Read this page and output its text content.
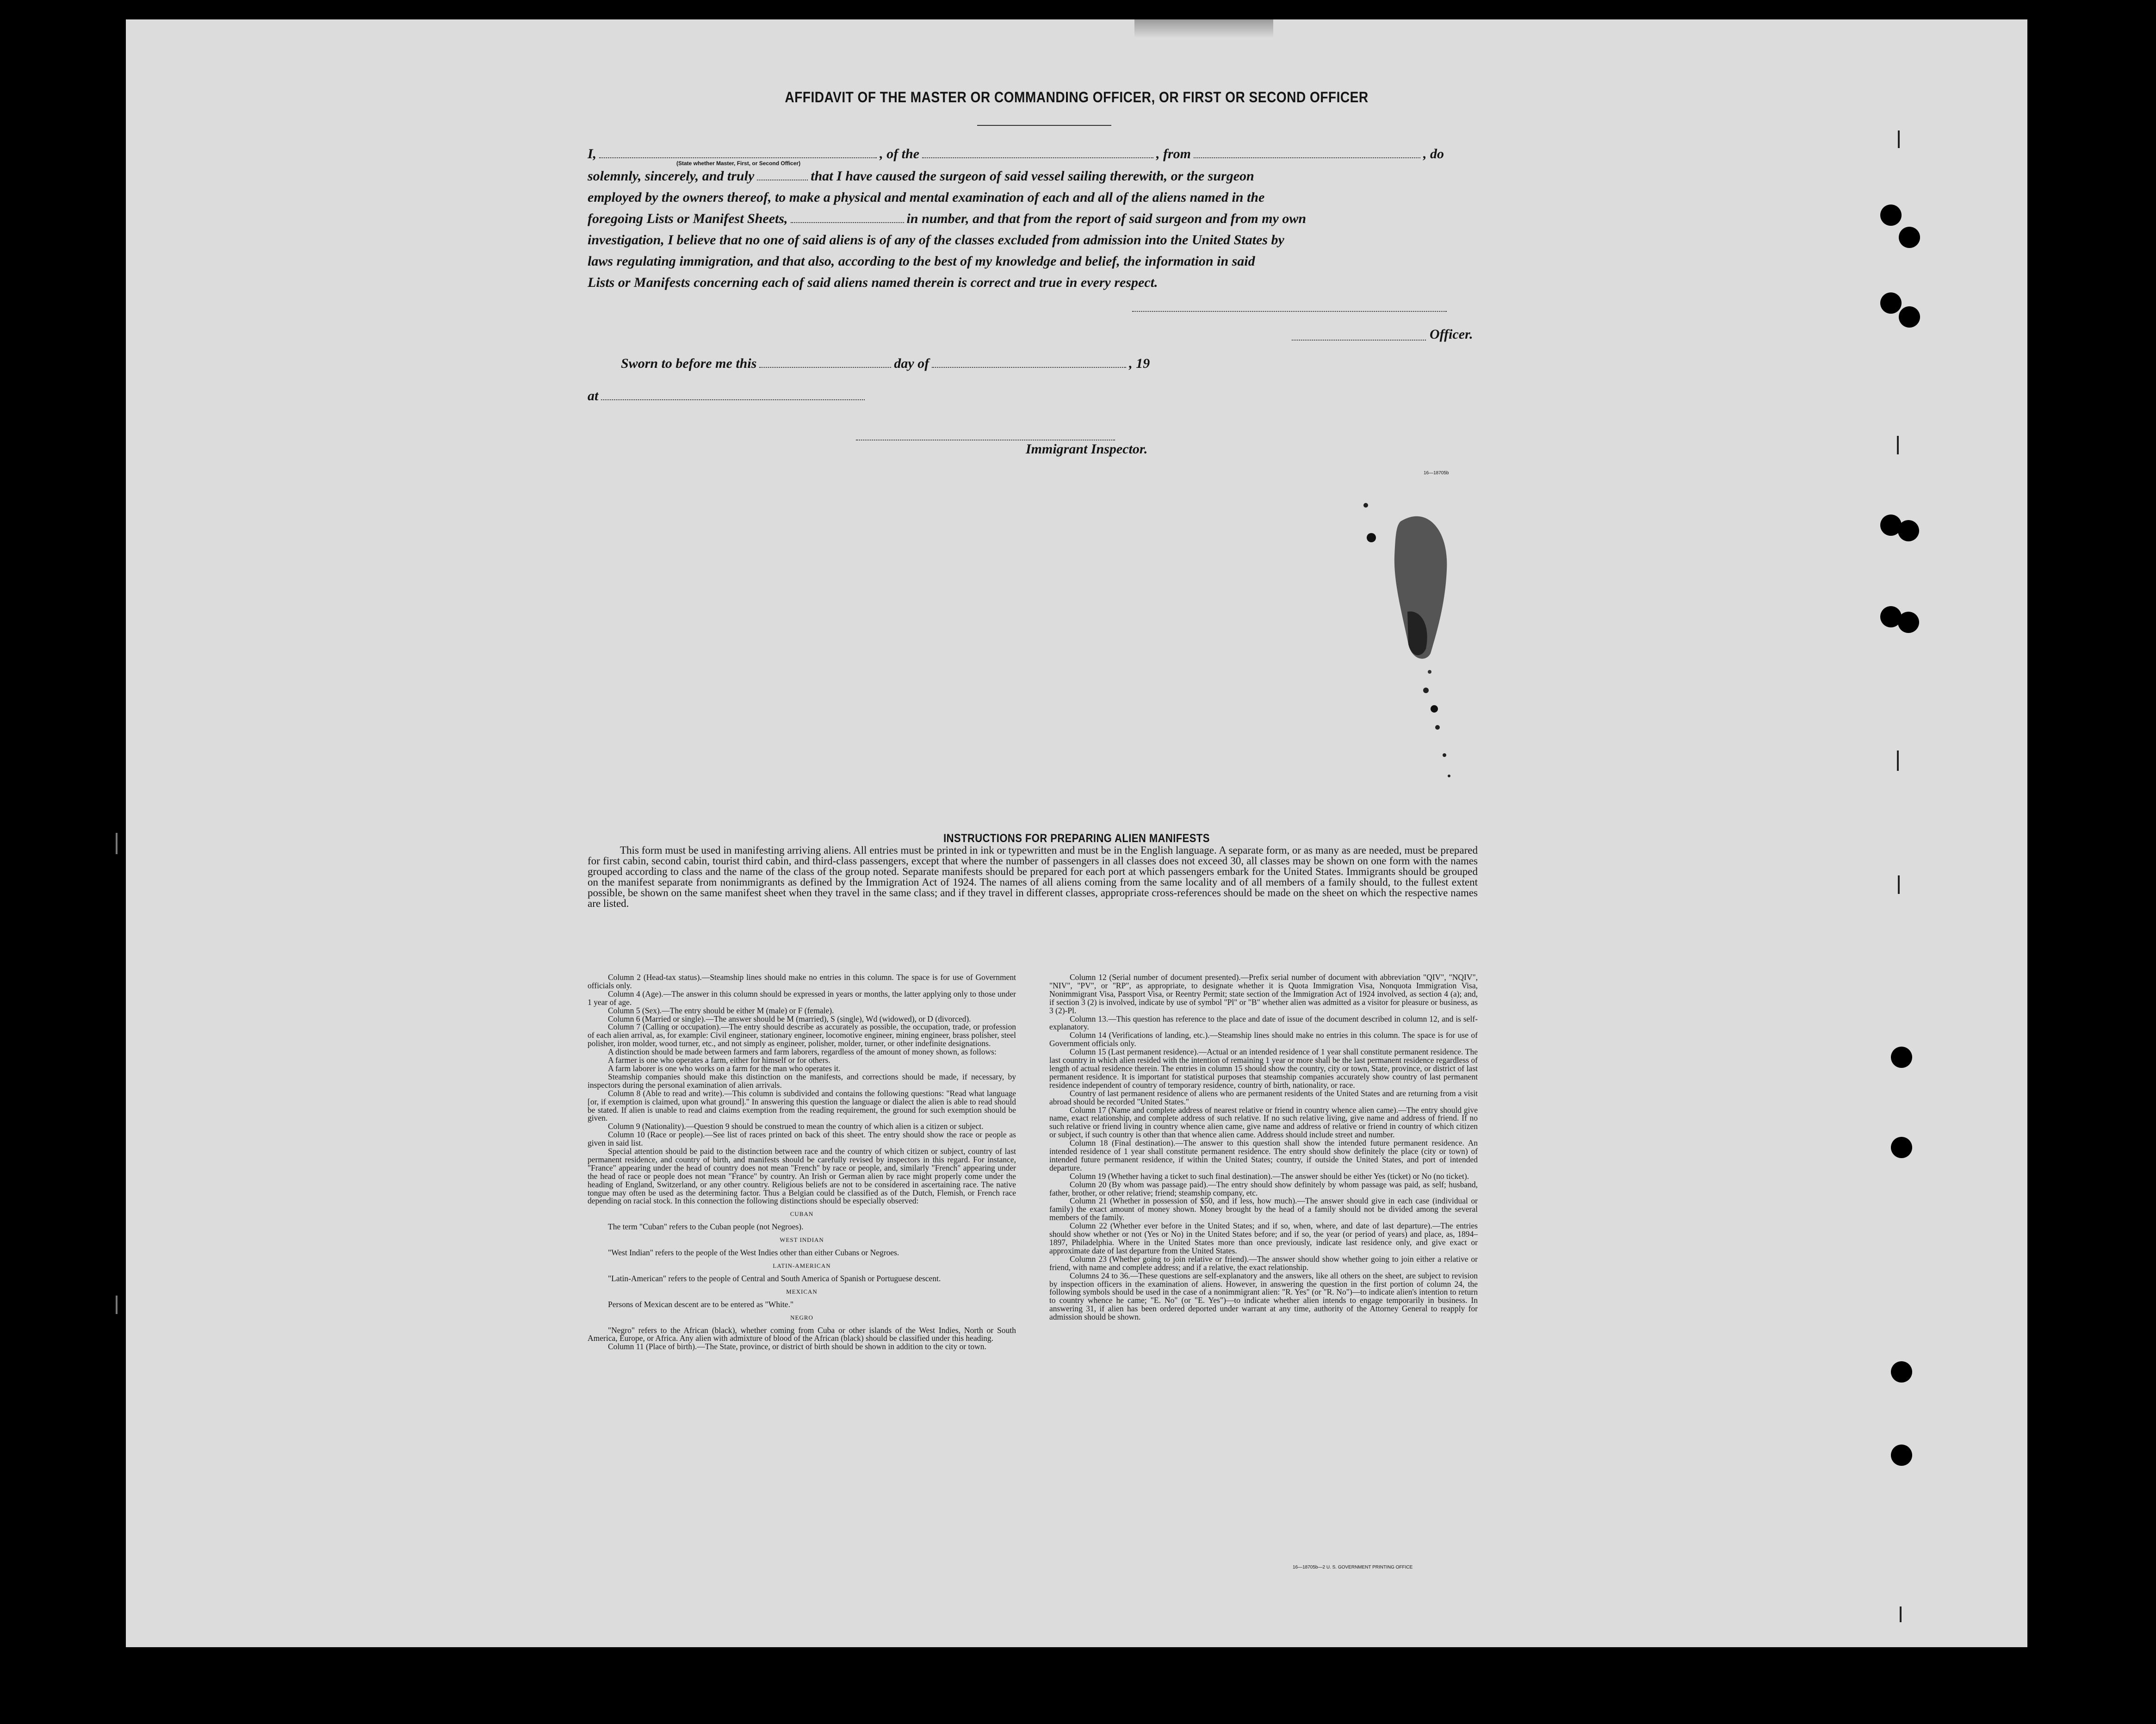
AFFIDAVIT OF THE MASTER OR COMMANDING OFFICER, OR FIRST OR SECOND OFFICER
I,	, of the	, from	, do
(State whether Master, First, or Second Officer)
solemnly, sincerely, and truly	that I have caused the surgeon of said vessel sailing therewith, or the surgeon
employed by the owners thereof, to make a physical and mental examination of each and all of the aliens named in the
foregoing Lists or Manifest Sheets,	in number, and that from the report of said surgeon and from my own
investigation, I believe that no one of said aliens is of any of the classes excluded from admission into the United States by
laws regulating immigration, and that also, according to the best of my knowledge and belief, the information in said
Lists or Manifests concerning each of said aliens named therein is correct and true in every respect.
Officer.
Sworn to before me this	day of	, 19
at
Immigrant Inspector.
16—18705b
INSTRUCTIONS FOR PREPARING ALIEN MANIFESTS
This form must be used in manifesting arriving aliens. All entries must be printed in ink or typewritten and must be in the English language. A separate form, or as many as are needed, must be prepared for first cabin, second cabin, tourist third cabin, and third-class passengers, except that where the number of passengers in all classes does not exceed 30, all classes may be shown on one form with the names grouped according to class and the name of the class of the group noted. Separate manifests should be prepared for each port at which passengers embark for the United States. Immigrants should be grouped on the manifest separate from nonimmigrants as defined by the Immigration Act of 1924. The names of all aliens coming from the same locality and of all members of a family should, to the fullest extent possible, be shown on the same manifest sheet when they travel in the same class; and if they travel in different classes, appropriate cross-references should be made on the sheet on which the respective names are listed.

Column 2 (Head-tax status).—Steamship lines should make no entries in this column. The space is for use of Government officials only.

Column 4 (Age).—The answer in this column should be expressed in years or months, the latter applying only to those under 1 year of age.

Column 5 (Sex).—The entry should be either M (male) or F (female).

Column 6 (Married or single).—The answer should be M (married), S (single), Wd (widowed), or D (divorced).

Column 7 (Calling or occupation).—The entry should describe as accurately as possible, the occupation, trade, or profession of each alien arrival, as, for example: Civil engineer, stationary engineer, locomotive engineer, mining engineer, brass polisher, steel polisher, iron molder, wood turner, etc., and not simply as engineer, polisher, molder, turner, or other indefinite designations.

A distinction should be made between farmers and farm laborers, regardless of the amount of money shown, as follows:

A farmer is one who operates a farm, either for himself or for others.

A farm laborer is one who works on a farm for the man who operates it.

Steamship companies should make this distinction on the manifests, and corrections should be made, if necessary, by inspectors during the personal examination of alien arrivals.

Column 8 (Able to read and write).—This column is subdivided and contains the following questions: "Read what language [or, if exemption is claimed, upon what ground]." In answering this question the language or dialect the alien is able to read should be stated. If alien is unable to read and claims exemption from the reading requirement, the ground for such exemption should be given.

Column 9 (Nationality).—Question 9 should be construed to mean the country of which alien is a citizen or subject.

Column 10 (Race or people).—See list of races printed on back of this sheet. The entry should show the race or people as given in said list.

Special attention should be paid to the distinction between race and the country of which citizen or subject, country of last permanent residence, and country of birth, and manifests should be carefully revised by inspectors in this regard. For instance, "France" appearing under the head of country does not mean "French" by race or people, and, similarly "French" appearing under the head of race or people does not mean "France" by country. An Irish or German alien by race might properly come under the heading of England, Switzerland, or any other country. Religious beliefs are not to be considered in ascertaining race. The native tongue may often be used as the determining factor. Thus a Belgian could be classified as of the Dutch, Flemish, or French race depending on racial stock. In this connection the following distinctions should be especially observed:

CUBAN

The term "Cuban" refers to the Cuban people (not Negroes).

WEST INDIAN

"West Indian" refers to the people of the West Indies other than either Cubans or Negroes.

LATIN-AMERICAN

"Latin-American" refers to the people of Central and South America of Spanish or Portuguese descent.

MEXICAN

Persons of Mexican descent are to be entered as "White."

NEGRO

"Negro" refers to the African (black), whether coming from Cuba or other islands of the West Indies, North or South America, Europe, or Africa. Any alien with admixture of blood of the African (black) should be classified under this heading.

Column 11 (Place of birth).—The State, province, or district of birth should be shown in addition to the city or town.

Column 12 (Serial number of document presented).—Prefix serial number of document with abbreviation "QIV", "NQIV", "NIV", "PV", or "RP", as appropriate, to designate whether it is Quota Immigration Visa, Nonquota Immigration Visa, Nonimmigrant Visa, Passport Visa, or Reentry Permit; state section of the Immigration Act of 1924 involved, as section 4 (a); and, if section 3 (2) is involved, indicate by use of symbol "Pl" or "B" whether alien was admitted as a visitor for pleasure or business, as 3 (2)-Pl.

Column 13.—This question has reference to the place and date of issue of the document described in column 12, and is self-explanatory.

Column 14 (Verifications of landing, etc.).—Steamship lines should make no entries in this column. The space is for use of Government officials only.

Column 15 (Last permanent residence).—Actual or an intended residence of 1 year shall constitute permanent residence. The last country in which alien resided with the intention of remaining 1 year or more shall be the last permanent residence regardless of length of actual residence therein. The entries in column 15 should show the country, city or town, State, province, or district of last permanent residence. It is important for statistical purposes that steamship companies accurately show country of last permanent residence independent of country of temporary residence, country of birth, nationality, or race.

Country of last permanent residence of aliens who are permanent residents of the United States and are returning from a visit abroad should be recorded "United States."

Column 17 (Name and complete address of nearest relative or friend in country whence alien came).—The entry should give name, exact relationship, and complete address of such relative. If no such relative living, give name and address of friend. If no such relative or friend living in country whence alien came, give name and address of relative or friend in country of which citizen or subject, if such country is other than that whence alien came. Address should include street and number.

Column 18 (Final destination).—The answer to this question shall show the intended future permanent residence. An intended residence of 1 year shall constitute permanent residence. The entry should show definitely the place (city or town) of intended future permanent residence, if within the United States; country, if outside the United States, and port of intended departure.

Column 19 (Whether having a ticket to such final destination).—The answer should be either Yes (ticket) or No (no ticket).

Column 20 (By whom was passage paid).—The entry should show definitely by whom passage was paid, as self; husband, father, brother, or other relative; friend; steamship company, etc.

Column 21 (Whether in possession of $50, and if less, how much).—The answer should give in each case (individual or family) the exact amount of money shown. Money brought by the head of a family should not be divided among the several members of the family.

Column 22 (Whether ever before in the United States; and if so, when, where, and date of last departure).—The entries should show whether or not (Yes or No) in the United States before; and if so, the year (or period of years) and place, as, 1894–1897, Philadelphia. Where in the United States more than once previously, indicate last residence only, and give exact or approximate date of last departure from the United States.

Column 23 (Whether going to join relative or friend).—The answer should show whether going to join either a relative or friend, with name and complete address; and if a relative, the exact relationship.

Columns 24 to 36.—These questions are self-explanatory and the answers, like all others on the sheet, are subject to revision by inspection officers in the examination of aliens. However, in answering the question in the first portion of column 24, the following symbols should be used in the case of a nonimmigrant alien: "R. Yes" (or "R. No")—to indicate alien's intention to return to country whence he came; "E. No" (or "E. Yes")—to indicate whether alien intends to engage temporarily in business. In answering 31, if alien has been ordered deported under warrant at any time, authority of the Attorney General to reapply for admission should be shown.

16—18705b—2 U. S. GOVERNMENT PRINTING OFFICE
